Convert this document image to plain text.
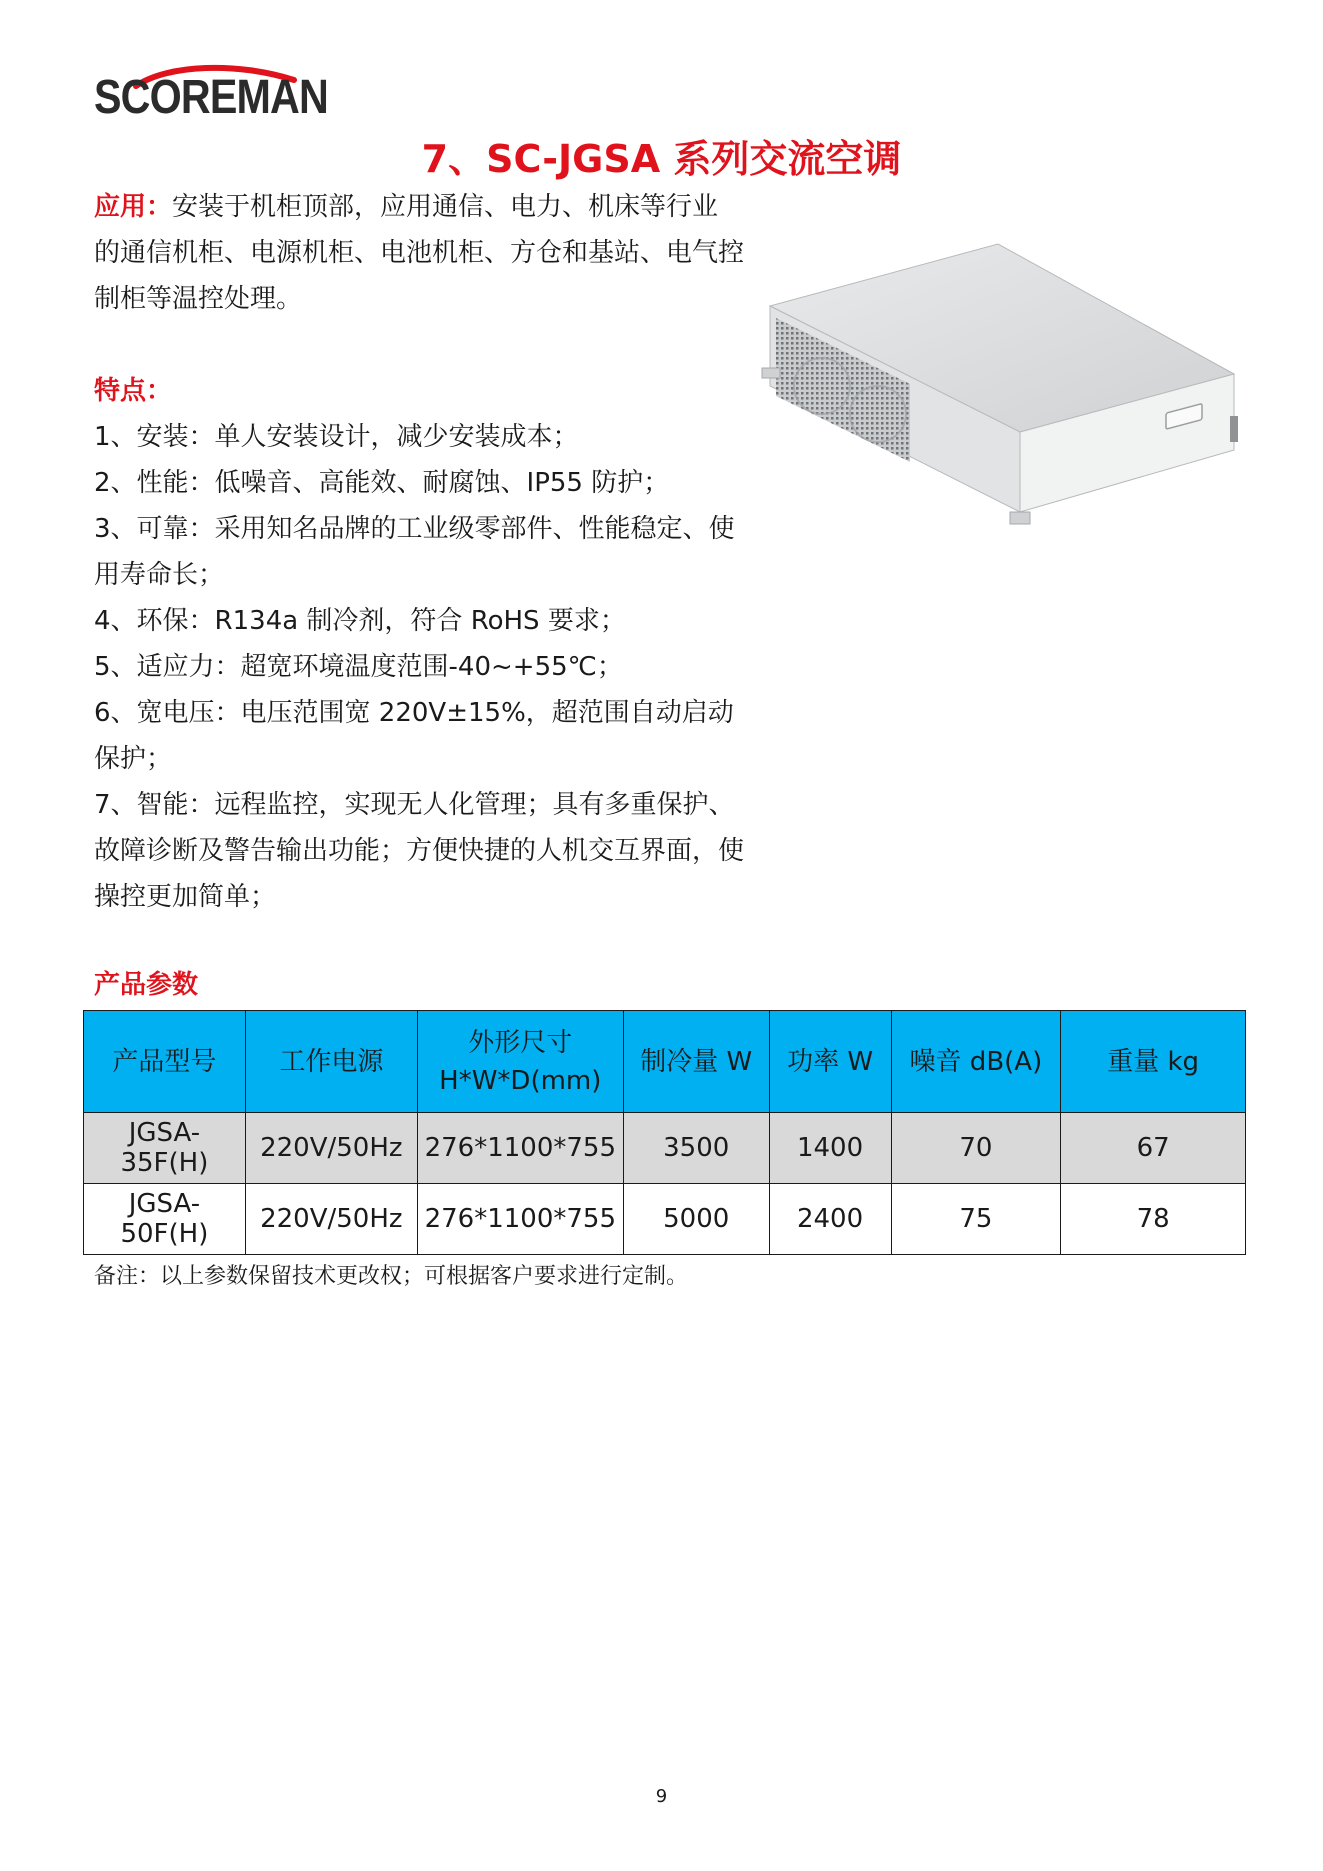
SCOREMAN
7、SC-JGSA 系列交流空调

应用：安装于机柜顶部，应用通信、电力、机床等行业的通信机柜、电源机柜、电池机柜、方仓和基站、电气控制柜等温控处理。

特点：

1、安装：单人安装设计，减少安装成本；
2、性能：低噪音、高能效、耐腐蚀、IP55 防护；
3、可靠：采用知名品牌的工业级零部件、性能稳定、使用寿命长；
4、环保：R134a 制冷剂，符合 RoHS 要求；
5、适应力：超宽环境温度范围-40~+55℃；
6、宽电压：电压范围宽 220V±15%，超范围自动启动保护；
7、智能：远程监控，实现无人化管理；具有多重保护、故障诊断及警告输出功能；方便快捷的人机交互界面，使操控更加简单；

产品参数

产品型号	工作电源	外形尺寸
H*W*D(mm)	制冷量 W	功率 W	噪音 dB(A)	重量 kg
JGSA-35F(H)	220V/50Hz	276*1100*755	3500	1400	70	67
JGSA-50F(H)	220V/50Hz	276*1100*755	5000	2400	75	78

备注：以上参数保留技术更改权；可根据客户要求进行定制。

9
